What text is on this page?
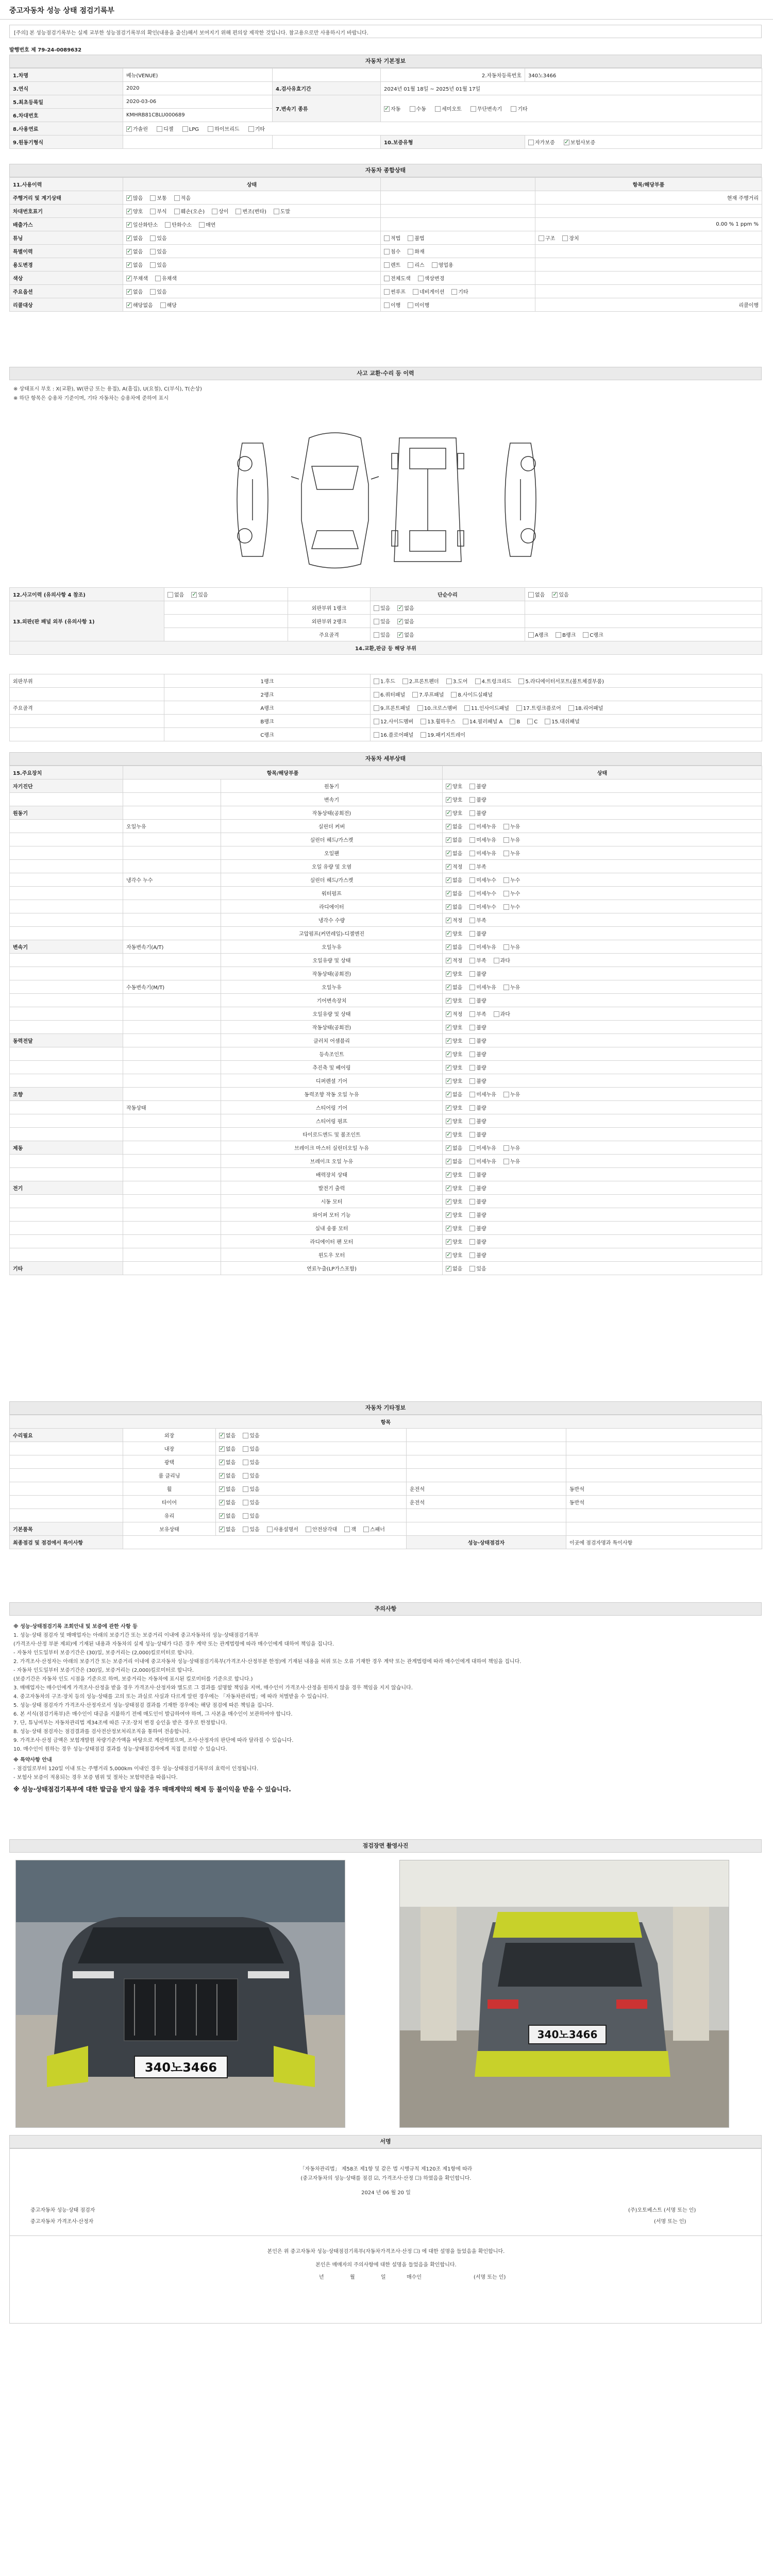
중고자동차 성능 상태 점검기록부
[주의] 본 성능점검기록부는 실제 교부한 성능점검기록부의 확인(내용을 출신)해서 보여지기 위해 편의상 제작한 것입니다. 참고용으로만 사용하시기 바랍니다.
발행번호 제 79-24-0089632
자동차 기본정보
1.차명	베뉴(VENUE)		2.자동차등록번호	340노3466
3.연식	2020	4.검사유효기간	2024년 01월 18일 ~ 2025년 01월 17일	
5.최초등록일	2020-03-06	7.변속기 종류	✓자동 수동 세미오토 무단변속기 기타
6.차대번호	KMHRB81CBLU000689			
8.사용연료	✓가솔린 디젤 LPG 하이브리드 기타
9.원동기형식			10.보증유형	자가보증 ✓ 보험사보증
자동차 종합상태
11.사용이력	상태		항목/해당부품
주행거리 및 계기상태	✓많음 보통 적음		현재 주행거리
차대번호표기	✓양호 부식 훼손(오손) 상이 변조(변타) 도말		
배출가스	✓일산화탄소 탄화수소 매연		0.00 % 1 ppm %
튜닝	✓없음 있음	적법 불법	구조 장치
특별이력	✓없음 있음	침수 화재	
용도변경	✓없음 있음	렌트 리스 영업용	
색상	✓무채색 유채색	전체도색 색상변경	
주요옵션	✓없음 있음	썬루프 네비게이션 기타	
리콜대상	✓해당없음 해당	이행 미이행	리콜이행
사고 교환·수리 등 이력
※ 상태표시 부호 : X(교환), W(판금 또는 용접), A(흠집), U(요철), C(부식), T(손상)
※ 하단 항목은 승용차 기준이며, 기타 자동차는 승용차에 준하여 표시
12.사고이력 (유의사항 4 참조)	없음 ✓ 있음		단순수리	없음 ✓ 있음
13.외판(판 패널 외부 (유의사항 1)		외판부위 1랭크	있음 ✓ 없음	
		외판부위 2랭크	있음 ✓ 없음	
		주요골격	있음 ✓ 없음	A랭크 B랭크 C랭크
14.교환,판금 등 해당 부위				
외판부위	1랭크	1.후드 2.프론트펜더 3.도어 4.트렁크리드 5.라디에이터서포트(볼트체결부품)
	2랭크	6.쿼터패널 7.루프패널 8.사이드실패널
주요골격	A랭크	9.프론트패널 10.크로스멤버 11.인사이드패널 17.트렁크플로어 18.리어패널
	B랭크	12.사이드멤버 13.휠하우스 14.필러패널 A B C 15.대쉬패널
	C랭크	16.플로어패널 19.패키지트레이
자동차 세부상태
15.주요장치	항목/해당부품		상태
자기진단		원동기	✓양호 불량
		변속기	✓양호 불량
원동기		작동상태(공회전)	✓양호 불량
	오일누유	실린더 커버	✓없음 미세누유 누유
		실린더 헤드/가스켓	✓없음 미세누유 누유
		오일팬	✓없음 미세누유 누유
		오일 유량 및 오염	✓적정 부족
	냉각수 누수	실린더 헤드/가스켓	✓없음 미세누수 누수
		워터펌프	✓없음 미세누수 누수
		라디에이터	✓없음 미세누수 누수
		냉각수 수량	✓적정 부족
		고압펌프(커먼레일)-디젤엔진	✓양호 불량
변속기	자동변속기(A/T)	오일누유	✓없음 미세누유 누유
		오일유량 및 상태	✓적정 부족 과다
		작동상태(공회전)	✓양호 불량
	수동변속기(M/T)	오일누유	✓없음 미세누유 누유
		기어변속장치	✓양호 불량
		오일유량 및 상태	✓적정 부족 과다
		작동상태(공회전)	✓양호 불량
동력전달		클러치 어셈블리	✓양호 불량
		등속조인트	✓양호 불량
		추진축 및 베어링	✓양호 불량
		디퍼렌셜 기어	✓양호 불량
조향		동력조향 작동 오일 누유	✓없음 미세누유 누유
	작동상태	스티어링 기어	✓양호 불량
		스티어링 펌프	✓양호 불량
		타이로드엔드 및 볼조인트	✓양호 불량
제동		브레이크 마스터 실린더오일 누유	✓없음 미세누유 누유
		브레이크 오일 누유	✓없음 미세누유 누유
		배력장치 상태	✓양호 불량
전기		발전기 출력	✓양호 불량
		시동 모터	✓양호 불량
		와이퍼 모터 기능	✓양호 불량
		실내 송풍 모터	✓양호 불량
		라디에이터 팬 모터	✓양호 불량
		윈도우 모터	✓양호 불량
기타		연료누출(LP가스포함)	✓없음 있음
자동차 기타정보
항목				
수리필요	외장	✓없음 있음		
	내장	✓없음 있음		
	광택	✓없음 있음		
	룸 클리닝	✓없음 있음		
	휠	✓없음 있음	운전석	동반석
	타이어	✓없음 있음	운전석	동반석
	유리	✓없음 있음		
기본품목	보유상태	✓없음 있음 사용설명서 안전삼각대 잭 스패너		
최종점검 및 점검에서 특이사항			성능·상태점검자	이곳에 점검자명과 특이사항
주의사항

※ 성능·상태점검기록 조회안내 및 보증에 관한 사항 등

1. 성능·상태 점검자 및 매매업자는 아래의 보증기간 또는 보증거리 이내에 중고자동차의 성능·상태점검기록부

(가격조사·산정 부분 제외)에 기재된 내용과 자동차의 실제 성능·상태가 다른 경우 계약 또는 관계법령에 따라 매수인에게 대하여 책임을 집니다.

- 자동차 인도일부터 보증기간은 (30)일, 보증거리는 (2,000)킬로미터로 합니다.

2. 가격조사·산정자는 아래의 보증기간 또는 보증거리 이내에 중고자동차 성능·상태점검기록부(가격조사·산정부분 한정)에 기재된 내용을 허위 또는 오류 기재한 경우 계약 또는 관계법령에 따라 매수인에게 대하여 책임을 집니다.

- 자동차 인도일부터 보증기간은 (30)일, 보증거리는 (2,000)킬로미터로 합니다.

(보증기간은 자동차 인도 시점을 기준으로 하며, 보증거리는 자동차에 표시된 킬로미터를 기준으로 합니다.)

3. 매매업자는 매수인에게 가격조사·산정을 받을 경우 가격조사·산정자와 별도로 그 결과를 설명할 책임을 지며, 매수인이 가격조사·산정을 원하지 않을 경우 책임을 지지 않습니다.

4. 중고자동차의 구조·장치 등의 성능·상태를 고의 또는 과실로 사실과 다르게 알린 경우에는 「자동차관리법」에 따라 처벌받을 수 있습니다.

5. 성능·상태 점검자가 가격조사·산정자로서 성능·상태점검 결과를 기재한 경우에는 해당 점검에 따른 책임을 집니다.

6. 본 서식(점검기록부)은 매수인이 대금을 지불하기 전에 매도인이 발급하여야 하며, 그 사본을 매수인이 보관하여야 합니다.

7. 단, 튜닝여부는 자동차관리법 제34조에 따른 구조·장치 변경 승인을 받은 경우로 한정합니다.

8. 성능·상태 점검자는 점검결과를 검사전산정보처리조직을 통하여 전송합니다.

9. 가격조사·산정 금액은 보험개발원 차량기준가액을 바탕으로 계산하였으며, 조사·산정자의 판단에 따라 달라질 수 있습니다.

10. 매수인이 원하는 경우 성능·상태점검 결과를 성능·상태점검자에게 직접 문의할 수 있습니다.

※ 특약사항 안내

- 점검일로부터 120일 이내 또는 주행거리 5,000km 이내인 경우 성능·상태점검기록부의 효력이 인정됩니다.

- 보험사 보증이 적용되는 경우 보증 범위 및 절차는 보험약관을 따릅니다.

※ 성능·상태점검기록부에 대한 발급을 받지 않을 경우 매매계약의 해제 등 불이익을 받을 수 있습니다.

점검장면 촬영사진
340노3466
340노3466
서명
「자동차관리법」 제58조 제1항 및 같은 법 시행규칙 제120조 제1항에 따라
(중고자동차의 성능·상태를 점검 ☑, 가격조사·산정 ☐) 하였음을 확인합니다.
2024 년 06 월 20 일
중고자동차 성능·상태 점검자	(주)오토베스트 (서명 또는 인)
중고자동차 가격조사·산정자	(서명 또는 인)
본인은 위 중고자동차 성능·상태점검기록부(자동차가격조사·산정 ☐) 에 대한 설명을 들었음을 확인합니다.
본인은 매매자의 주의사항에 대한 설명을 들었음을 확인합니다.
년	월	일	매수인	(서명 또는 인)
